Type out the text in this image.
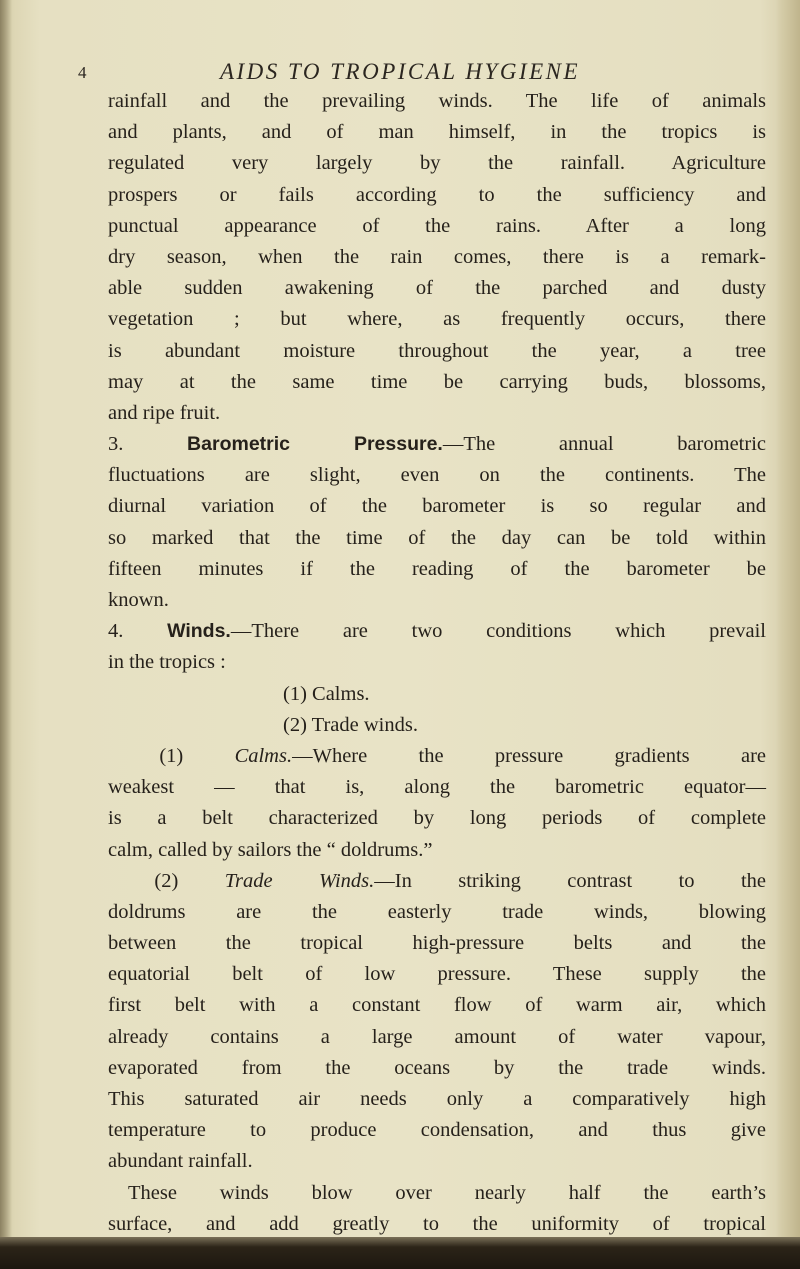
4	AIDS TO TROPICAL HYGIENE
rainfall and the prevailing winds. The life of animals
and plants, and of man himself, in the tropics is
regulated very largely by the rainfall. Agriculture
prospers or fails according to the sufficiency and
punctual appearance of the rains. After a long
dry season, when the rain comes, there is a remark-
able sudden awakening of the parched and dusty
vegetation ; but where, as frequently occurs, there
is abundant moisture throughout the year, a tree
may at the same time be carrying buds, blossoms,
and ripe fruit.
3.	Barometric Pressure.—The annual barometric
fluctuations are slight, even on the continents. The
diurnal variation of the barometer is so regular and
so marked that the time of the day can be told within
fifteen minutes if the reading of the barometer be
known.
4. Winds.—There are two conditions which prevail
in the tropics :
(1) Calms.
(2) Trade winds.
(1)	Calms.—Where the pressure gradients are
weakest — that is, along the barometric equator—
is a belt characterized by long periods of complete
calm, called by sailors the “ doldrums.”
(2) Trade Winds.—In striking contrast to the
doldrums are the easterly trade winds, blowing
between the tropical high-pressure belts and the
equatorial belt of low pressure. These supply the
first belt with a constant flow of warm air, which
already contains a large amount of water vapour,
evaporated from the oceans by the trade winds.
This saturated air needs only a comparatively high
temperature to produce condensation, and thus give
abundant rainfall.
These winds blow over nearly half the earth’s
surface, and add greatly to the uniformity of tropical
